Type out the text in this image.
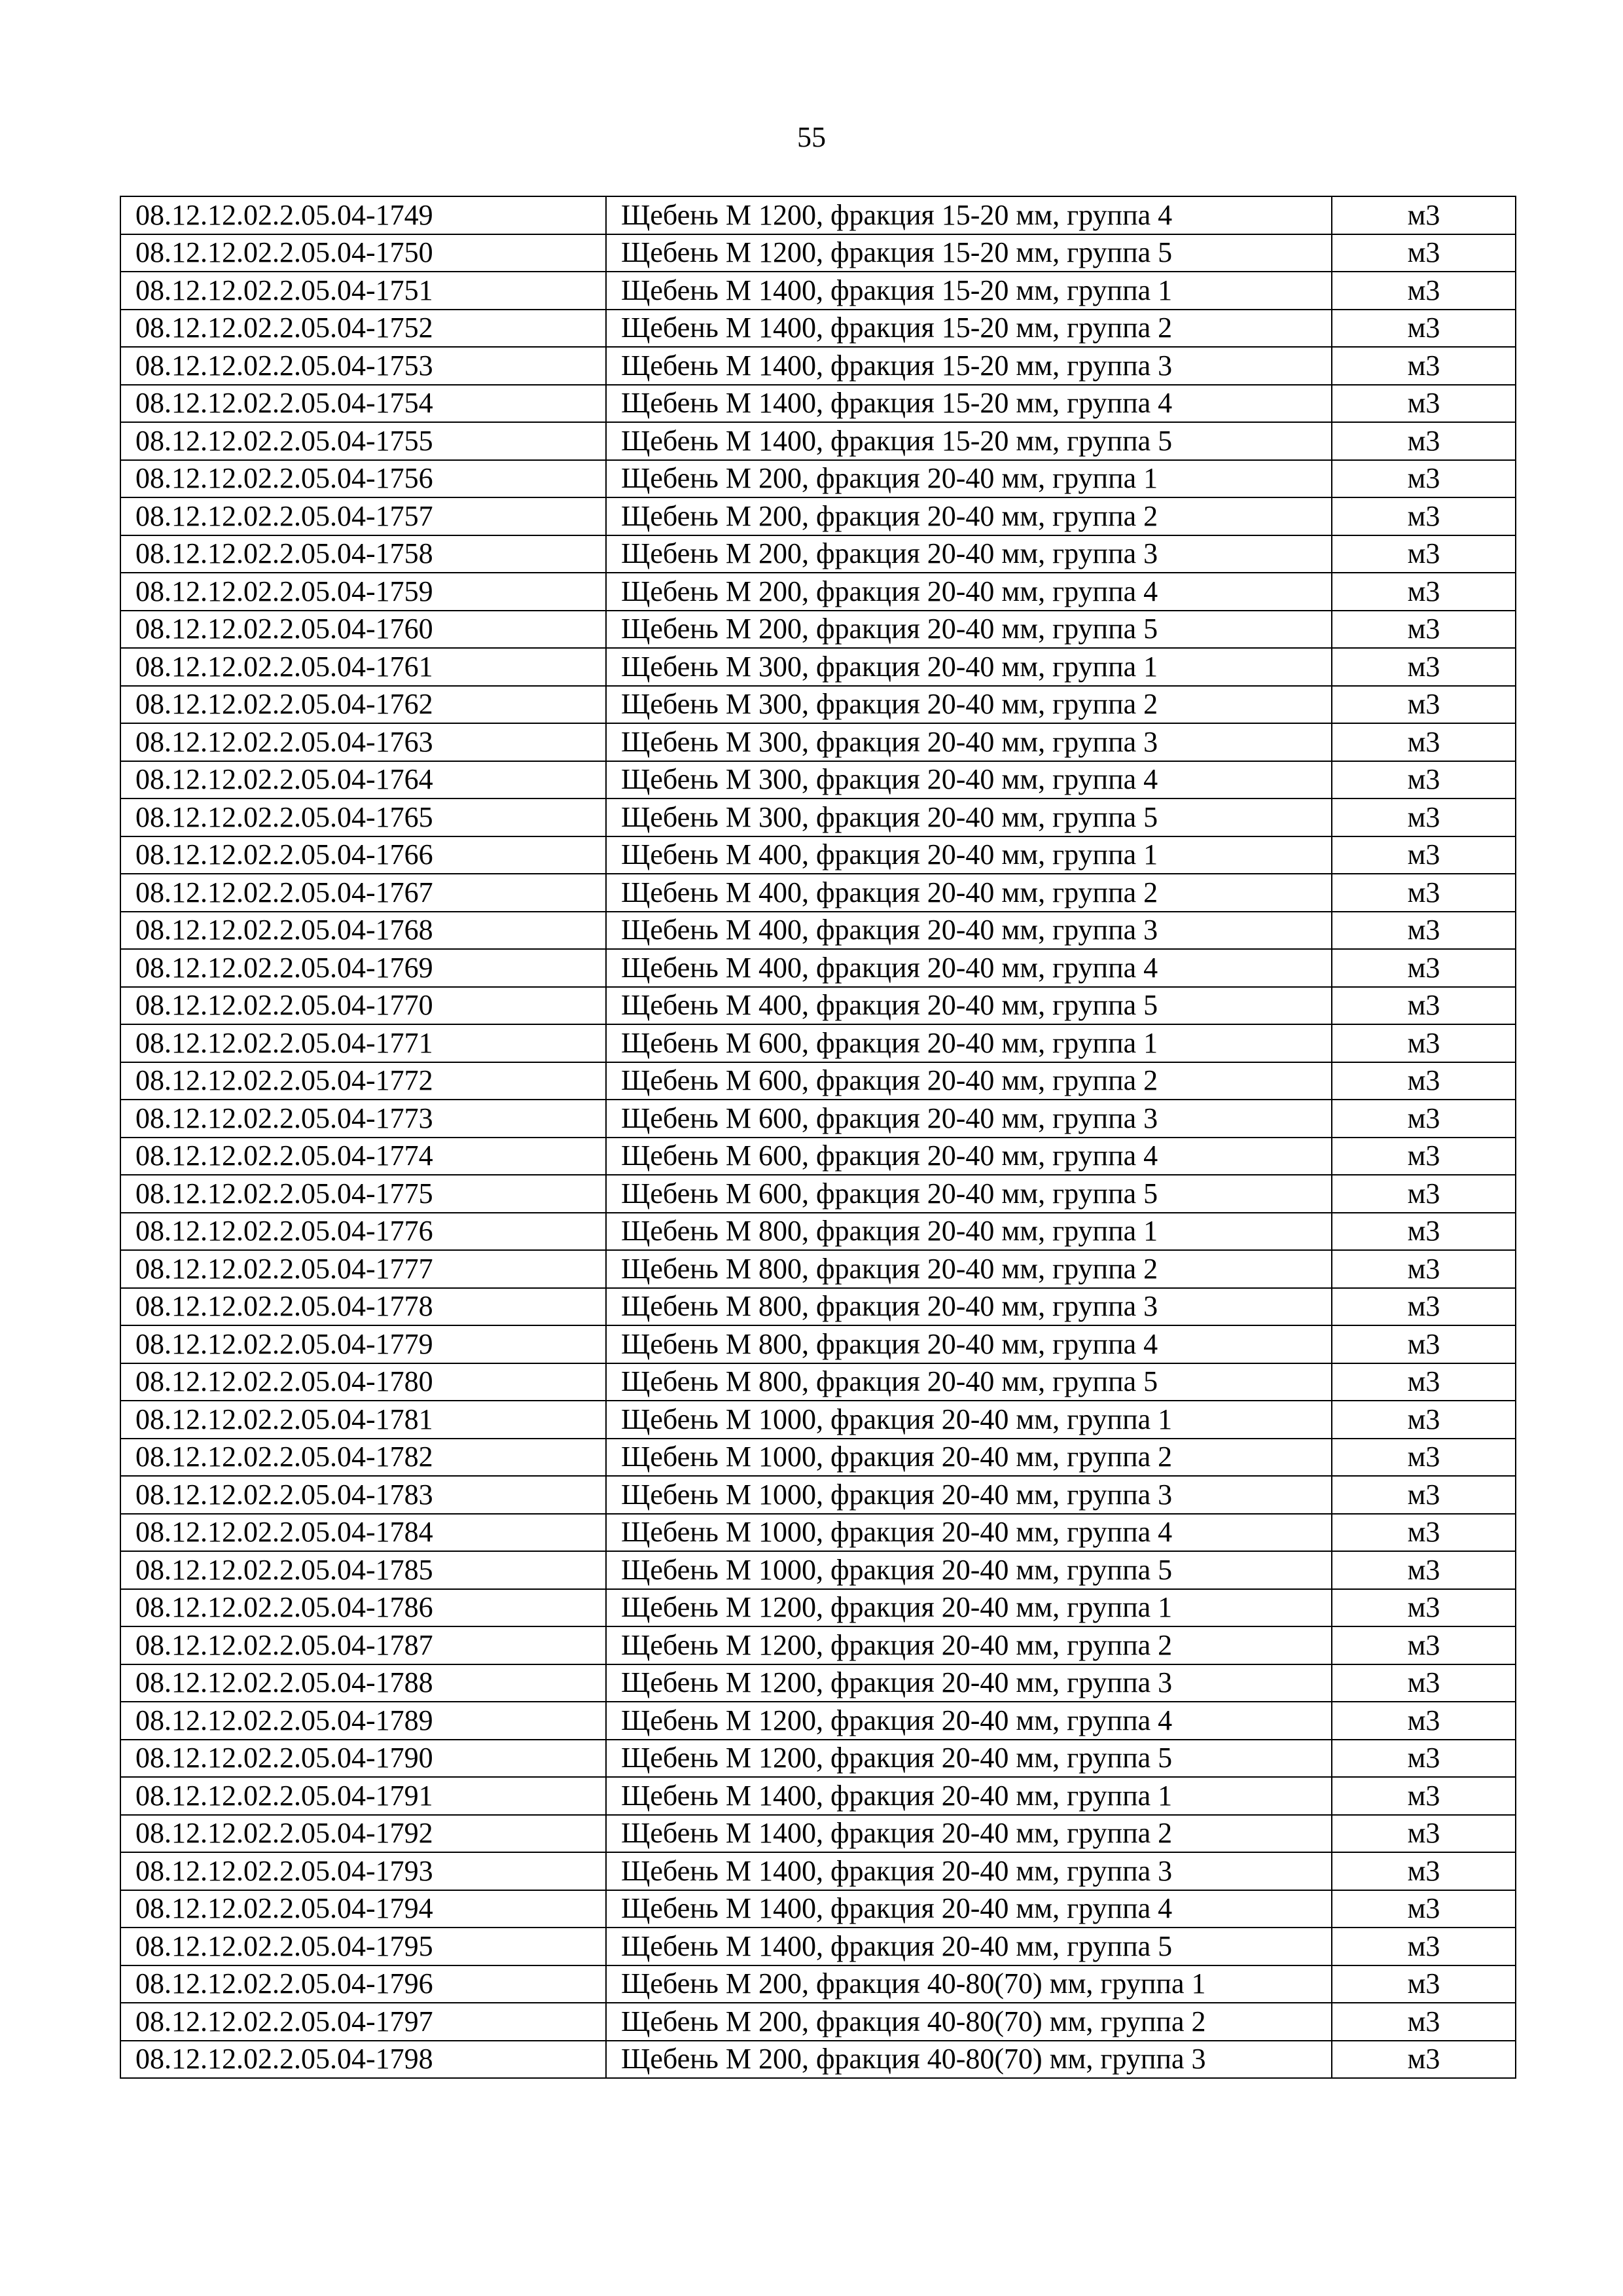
55
08.12.12.02.2.05.04-1749	Щебень М 1200, фракция 15-20 мм, группа 4	м3
08.12.12.02.2.05.04-1750	Щебень М 1200, фракция 15-20 мм, группа 5	м3
08.12.12.02.2.05.04-1751	Щебень М 1400, фракция 15-20 мм, группа 1	м3
08.12.12.02.2.05.04-1752	Щебень М 1400, фракция 15-20 мм, группа 2	м3
08.12.12.02.2.05.04-1753	Щебень М 1400, фракция 15-20 мм, группа 3	м3
08.12.12.02.2.05.04-1754	Щебень М 1400, фракция 15-20 мм, группа 4	м3
08.12.12.02.2.05.04-1755	Щебень М 1400, фракция 15-20 мм, группа 5	м3
08.12.12.02.2.05.04-1756	Щебень М 200, фракция 20-40 мм, группа 1	м3
08.12.12.02.2.05.04-1757	Щебень М 200, фракция 20-40 мм, группа 2	м3
08.12.12.02.2.05.04-1758	Щебень М 200, фракция 20-40 мм, группа 3	м3
08.12.12.02.2.05.04-1759	Щебень М 200, фракция 20-40 мм, группа 4	м3
08.12.12.02.2.05.04-1760	Щебень М 200, фракция 20-40 мм, группа 5	м3
08.12.12.02.2.05.04-1761	Щебень М 300, фракция 20-40 мм, группа 1	м3
08.12.12.02.2.05.04-1762	Щебень М 300, фракция 20-40 мм, группа 2	м3
08.12.12.02.2.05.04-1763	Щебень М 300, фракция 20-40 мм, группа 3	м3
08.12.12.02.2.05.04-1764	Щебень М 300, фракция 20-40 мм, группа 4	м3
08.12.12.02.2.05.04-1765	Щебень М 300, фракция 20-40 мм, группа 5	м3
08.12.12.02.2.05.04-1766	Щебень М 400, фракция 20-40 мм, группа 1	м3
08.12.12.02.2.05.04-1767	Щебень М 400, фракция 20-40 мм, группа 2	м3
08.12.12.02.2.05.04-1768	Щебень М 400, фракция 20-40 мм, группа 3	м3
08.12.12.02.2.05.04-1769	Щебень М 400, фракция 20-40 мм, группа 4	м3
08.12.12.02.2.05.04-1770	Щебень М 400, фракция 20-40 мм, группа 5	м3
08.12.12.02.2.05.04-1771	Щебень М 600, фракция 20-40 мм, группа 1	м3
08.12.12.02.2.05.04-1772	Щебень М 600, фракция 20-40 мм, группа 2	м3
08.12.12.02.2.05.04-1773	Щебень М 600, фракция 20-40 мм, группа 3	м3
08.12.12.02.2.05.04-1774	Щебень М 600, фракция 20-40 мм, группа 4	м3
08.12.12.02.2.05.04-1775	Щебень М 600, фракция 20-40 мм, группа 5	м3
08.12.12.02.2.05.04-1776	Щебень М 800, фракция 20-40 мм, группа 1	м3
08.12.12.02.2.05.04-1777	Щебень М 800, фракция 20-40 мм, группа 2	м3
08.12.12.02.2.05.04-1778	Щебень М 800, фракция 20-40 мм, группа 3	м3
08.12.12.02.2.05.04-1779	Щебень М 800, фракция 20-40 мм, группа 4	м3
08.12.12.02.2.05.04-1780	Щебень М 800, фракция 20-40 мм, группа 5	м3
08.12.12.02.2.05.04-1781	Щебень М 1000, фракция 20-40 мм, группа 1	м3
08.12.12.02.2.05.04-1782	Щебень М 1000, фракция 20-40 мм, группа 2	м3
08.12.12.02.2.05.04-1783	Щебень М 1000, фракция 20-40 мм, группа 3	м3
08.12.12.02.2.05.04-1784	Щебень М 1000, фракция 20-40 мм, группа 4	м3
08.12.12.02.2.05.04-1785	Щебень М 1000, фракция 20-40 мм, группа 5	м3
08.12.12.02.2.05.04-1786	Щебень М 1200, фракция 20-40 мм, группа 1	м3
08.12.12.02.2.05.04-1787	Щебень М 1200, фракция 20-40 мм, группа 2	м3
08.12.12.02.2.05.04-1788	Щебень М 1200, фракция 20-40 мм, группа 3	м3
08.12.12.02.2.05.04-1789	Щебень М 1200, фракция 20-40 мм, группа 4	м3
08.12.12.02.2.05.04-1790	Щебень М 1200, фракция 20-40 мм, группа 5	м3
08.12.12.02.2.05.04-1791	Щебень М 1400, фракция 20-40 мм, группа 1	м3
08.12.12.02.2.05.04-1792	Щебень М 1400, фракция 20-40 мм, группа 2	м3
08.12.12.02.2.05.04-1793	Щебень М 1400, фракция 20-40 мм, группа 3	м3
08.12.12.02.2.05.04-1794	Щебень М 1400, фракция 20-40 мм, группа 4	м3
08.12.12.02.2.05.04-1795	Щебень М 1400, фракция 20-40 мм, группа 5	м3
08.12.12.02.2.05.04-1796	Щебень М 200, фракция 40-80(70) мм, группа 1	м3
08.12.12.02.2.05.04-1797	Щебень М 200, фракция 40-80(70) мм, группа 2	м3
08.12.12.02.2.05.04-1798	Щебень М 200, фракция 40-80(70) мм, группа 3	м3
